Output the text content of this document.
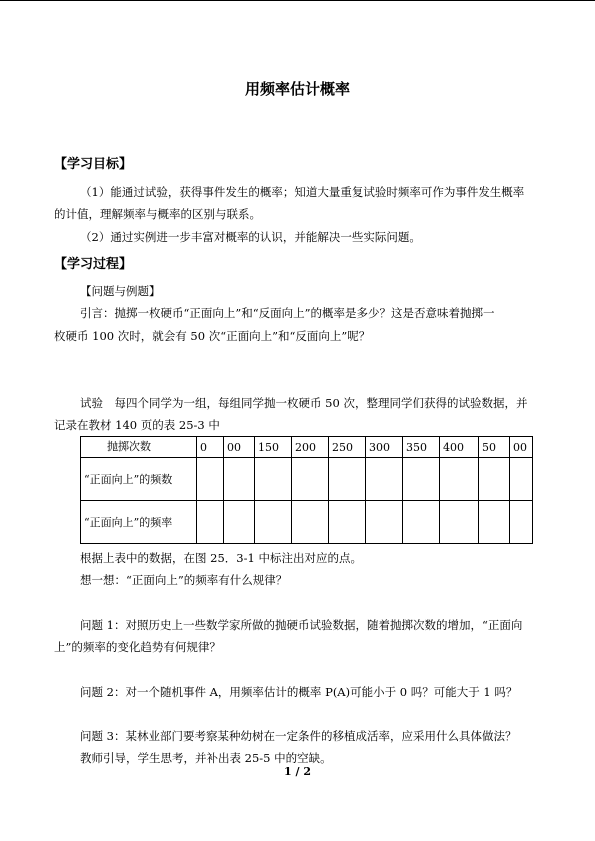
用频率估计概率
【学习目标】
（1）能通过试验，获得事件发生的概率；知道大量重复试验时频率可作为事件发生概率
的计值，理解频率与概率的区别与联系。
（2）通过实例进一步丰富对概率的认识，并能解决一些实际问题。
【学习过程】
【问题与例题】
引言：抛掷一枚硬币“正面向上”和“反面向上”的概率是多少？这是否意味着抛掷一
枚硬币 100 次时，就会有 50 次“正面向上”和“反面向上”呢？
试验　每四个同学为一组，每组同学抛一枚硬币 50 次，整理同学们获得的试验数据，并
记录在教材 140 页的表 25-3 中
抛掷次数	0	00	150	200	250	300	350	400	50	00
“正面向上”的频数										
“正面向上”的频率										
根据上表中的数据，在图 25．3-1 中标注出对应的点。
想一想：“正面向上”的频率有什么规律？
问题 1：对照历史上一些数学家所做的抛硬币试验数据，随着抛掷次数的增加，“正面向
上”的频率的变化趋势有何规律？
问题 2：对一个随机事件 A，用频率估计的概率 P(A)可能小于 0 吗？可能大于 1 吗？
问题 3：某林业部门要考察某种幼树在一定条件的移植成活率，应采用什么具体做法？
教师引导，学生思考，并补出表 25-5 中的空缺。
1 / 2
